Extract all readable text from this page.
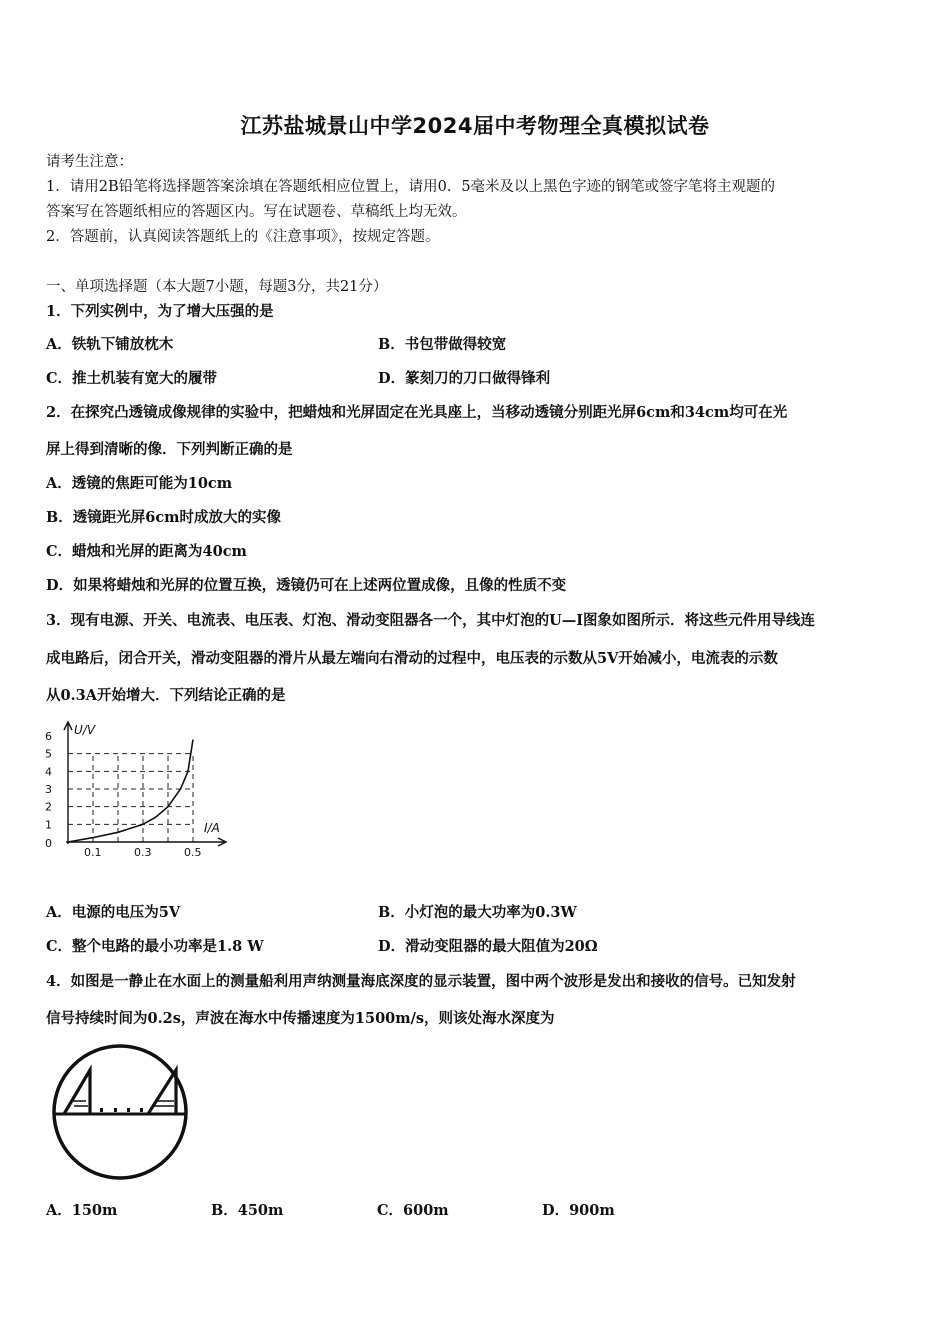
江苏盐城景山中学2024届中考物理全真模拟试卷
请考生注意：
1．请用2B铅笔将选择题答案涂填在答题纸相应位置上，请用0．5毫米及以上黑色字迹的钢笔或签字笔将主观题的
答案写在答题纸相应的答题区内。写在试题卷、草稿纸上均无效。
2．答题前，认真阅读答题纸上的《注意事项》，按规定答题。
一、单项选择题（本大题7小题，每题3分，共21分）
1．下列实例中，为了增大压强的是
A．铁轨下铺放枕木	B．书包带做得较宽
C．推土机装有宽大的履带	D．篆刻刀的刀口做得锋利
2．在探究凸透镜成像规律的实验中，把蜡烛和光屏固定在光具座上，当移动透镜分别距光屏6cm和34cm均可在光
屏上得到清晰的像．下列判断正确的是
A．透镜的焦距可能为10cm
B．透镜距光屏6cm时成放大的实像
C．蜡烛和光屏的距离为40cm
D．如果将蜡烛和光屏的位置互换，透镜仍可在上述两位置成像，且像的性质不变
3．现有电源、开关、电流表、电压表、灯泡、滑动变阻器各一个，其中灯泡的U—I图象如图所示．将这些元件用导线连
成电路后，闭合开关，滑动变阻器的滑片从最左端向右滑动的过程中，电压表的示数从5V开始减小，电流表的示数
从0.3A开始增大．下列结论正确的是
U/V
I/A
0
1
2
3
4
5
6
0.1	0.3	0.5
A．电源的电压为5V	B．小灯泡的最大功率为0.3W
C．整个电路的最小功率是1.8 W	D．滑动变阻器的最大阻值为20Ω
4．如图是一静止在水面上的测量船利用声纳测量海底深度的显示装置，图中两个波形是发出和接收的信号。已知发射
信号持续时间为0.2s，声波在海水中传播速度为1500m/s，则该处海水深度为
A．150m	B．450m	C．600m	D．900m
